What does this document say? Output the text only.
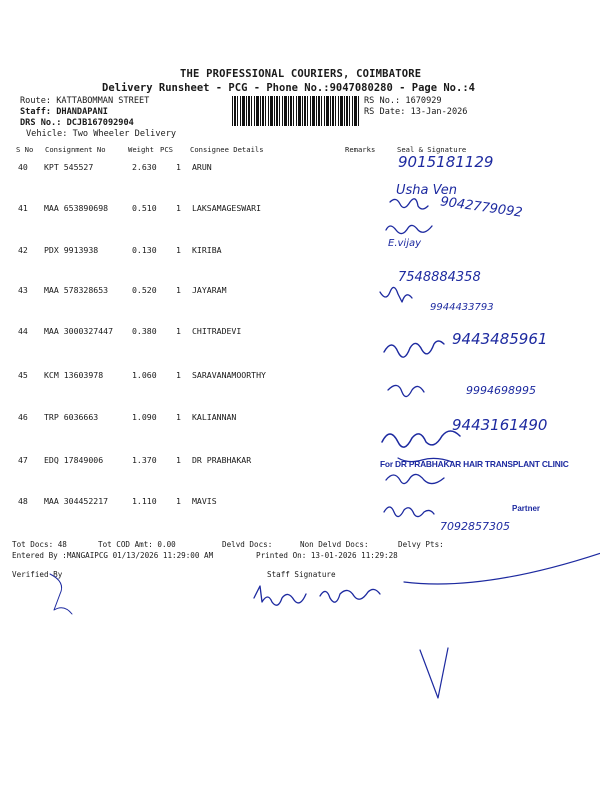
THE PROFESSIONAL COURIERS, COIMBATORE
Delivery Runsheet - PCG - Phone No.:9047080280 - Page No.:4
Route: KATTABOMMAN STREET
Staff: DHANDAPANI
DRS No.: DCJB167092904
Vehicle: Two Wheeler Delivery
RS No.: 1670929
RS Date: 13-Jan-2026
S No Consignment No	Weight PCS Consignee Details	Remarks	Seal & Signature
40 KPT 545527	2.630 1 ARUN
41 MAA 653890698	0.510 1 LAKSAMAGESWARI
42 PDX 9913938	0.130 1 KIRIBA
43 MAA 578328653	0.520 1 JAYARAM
44 MAA 3000327447 0.380 1 CHITRADEVI
45 KCM 13603978	1.060 1 SARAVANAMOORTHY
46 TRP 6036663	1.090 1 KALIANNAN
47 EDQ 17849006	1.370 1 DR PRABHAKAR
48 MAA 304452217	1.110 1 MAVIS
9015181129
Usha Ven
9042779092
E.vijay
7548884358
9944433793
9443485961
9994698995
9443161490
For DR PRABHAKAR HAIR TRANSPLANT CLINIC
Partner
7092857305
Tot Docs: 48	Tot COD Amt: 0.00	Delvd Docs:	Non Delvd Docs:	Delvy Pts:
Entered By :MANGAIPCG 01/13/2026 11:29:00 AM	Printed On: 13-01-2026 11:29:28
Verified By	Staff Signature
